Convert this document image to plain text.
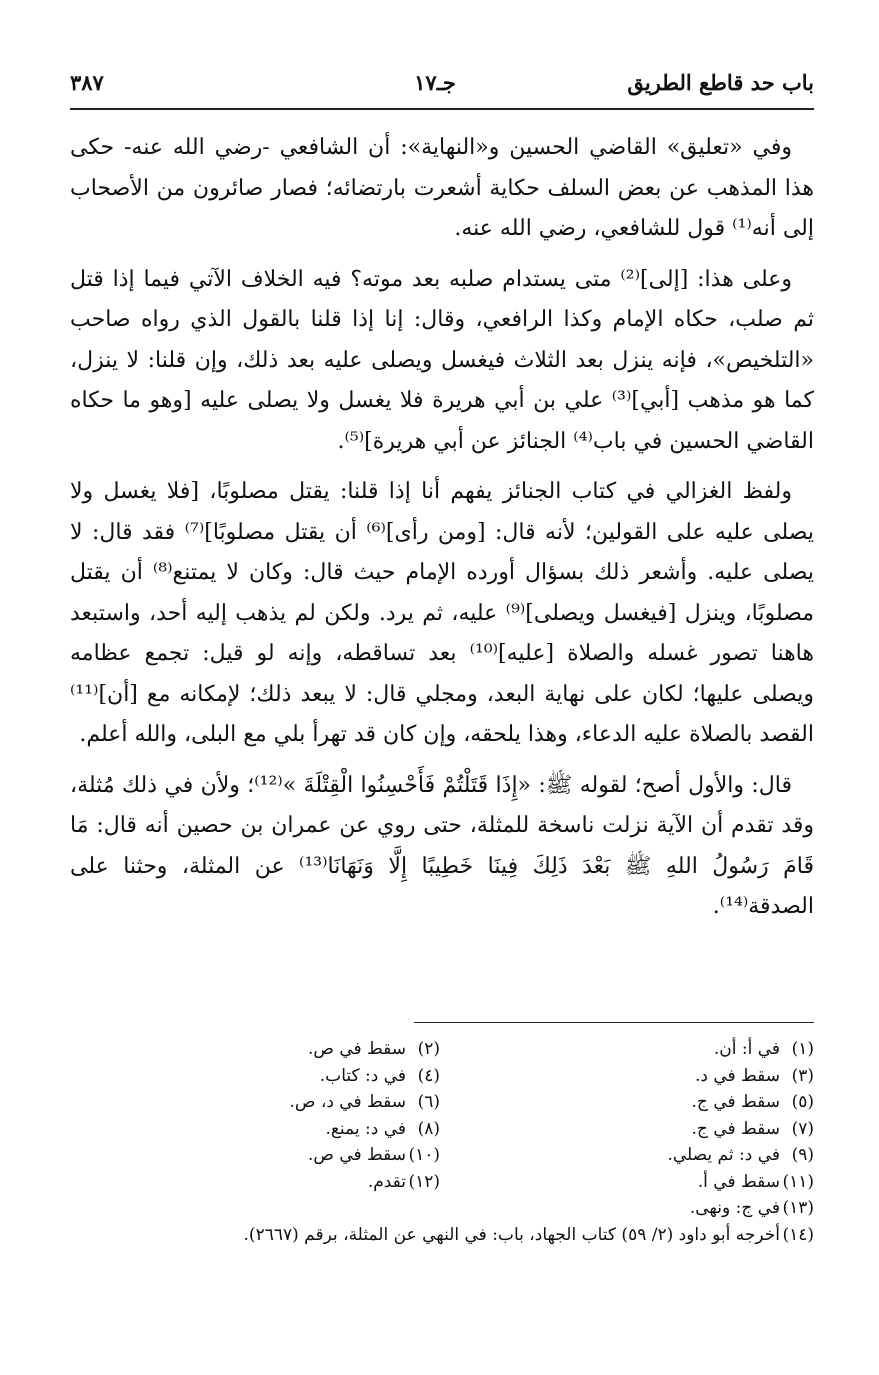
باب حد قاطع الطريق
جـ١٧
٣٨٧

وفي «تعليق» القاضي الحسين و«النهاية»: أن الشافعي -رضي الله عنه- حكى هذا المذهب عن بعض السلف حكاية أشعرت بارتضائه؛ فصار صائرون من الأصحاب إلى أنه⁽¹⁾ قول للشافعي، رضي الله عنه.

وعلى هذا: [إلى]⁽²⁾ متى يستدام صلبه بعد موته؟ فيه الخلاف الآتي فيما إذا قتل ثم صلب، حكاه الإمام وكذا الرافعي، وقال: إنا إذا قلنا بالقول الذي رواه صاحب «التلخيص»، فإنه ينزل بعد الثلاث فيغسل ويصلى عليه بعد ذلك، وإن قلنا: لا ينزل، كما هو مذهب [أبي]⁽³⁾ علي بن أبي هريرة فلا يغسل ولا يصلى عليه [وهو ما حكاه القاضي الحسين في باب⁽⁴⁾ الجنائز عن أبي هريرة]⁽⁵⁾.

ولفظ الغزالي في كتاب الجنائز يفهم أنا إذا قلنا: يقتل مصلوبًا، [فلا يغسل ولا يصلى عليه على القولين؛ لأنه قال: [ومن رأى]⁽⁶⁾ أن يقتل مصلوبًا]⁽⁷⁾ فقد قال: لا يصلى عليه. وأشعر ذلك بسؤال أورده الإمام حيث قال: وكان لا يمتنع⁽⁸⁾ أن يقتل مصلوبًا، وينزل [فيغسل ويصلى]⁽⁹⁾ عليه، ثم يرد. ولكن لم يذهب إليه أحد، واستبعد هاهنا تصور غسله والصلاة [عليه]⁽¹⁰⁾ بعد تساقطه، وإنه لو قيل: تجمع عظامه ويصلى عليها؛ لكان على نهاية البعد، ومجلي قال: لا يبعد ذلك؛ لإمكانه مع [أن]⁽¹¹⁾ القصد بالصلاة عليه الدعاء، وهذا يلحقه، وإن كان قد تهرأ بلي مع البلى، والله أعلم.

قال: والأول أصح؛ لقوله ﷺ: «إِذَا قَتَلْتُمْ فَأَحْسِنُوا الْقِتْلَةَ »⁽¹²⁾؛ ولأن في ذلك مُثلة، وقد تقدم أن الآية نزلت ناسخة للمثلة، حتى روي عن عمران بن حصين أنه قال: مَا قَامَ رَسُولُ اللهِ ﷺ بَعْدَ ذَلِكَ فِينَا خَطِيبًا إِلَّا وَنَهَانَا⁽¹³⁾ عن المثلة، وحثنا على الصدقة⁽¹⁴⁾.

(١)في أ: أن.
(٢)سقط في ص.
(٣)سقط في د.
(٤)في د: كتاب.
(٥)سقط في ج.
(٦)سقط في د، ص.
(٧)سقط في ج.
(٨)في د: يمنع.
(٩)في د: ثم يصلي.
(١٠)سقط في ص.
(١١)سقط في أ.
(١٢)تقدم.
(١٣)في ج: ونهى.
(١٤)أخرجه أبو داود (٢/ ٥٩) كتاب الجهاد، باب: في النهي عن المثلة، برقم (٢٦٦٧).
